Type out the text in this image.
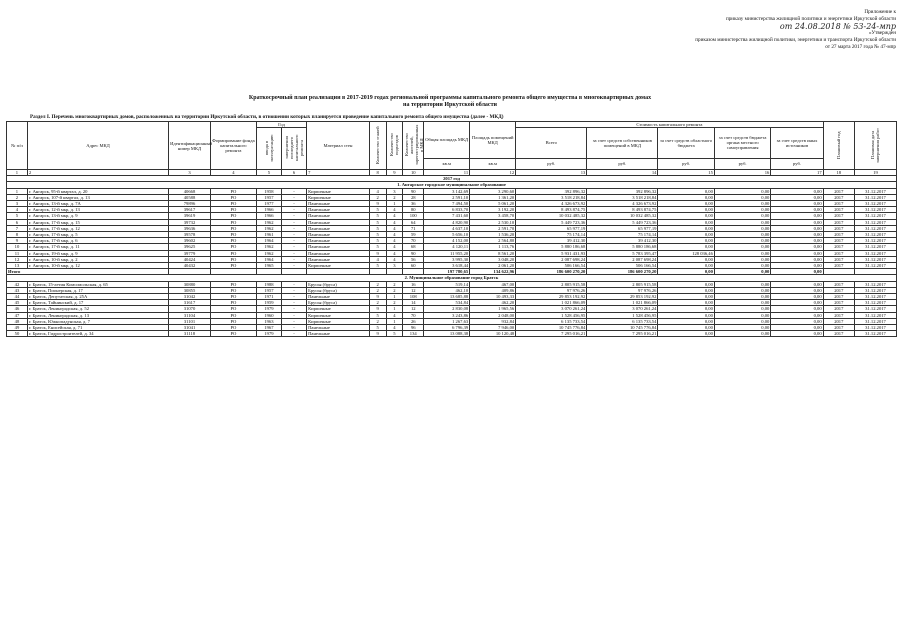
Приложение к
приказу министерства жилищной политики и энергетики Иркутской области
от 24.08.2018 № 53-24-мпр
«Утвержден
приказом министерства жилищной политики, энергетики и транспорта Иркутской области
от 27 марта 2017 года № 47-мпр
Краткосрочный план реализации в 2017-2019 годах региональной программы капитального ремонта общего имущества в многоквартирных домах
на территории Иркутской области
Раздел I. Перечень многоквартирных домов, расположенных на территории Иркутской области, в отношении которых планируется проведение капитального ремонта общего имущества (далее - МКД)
№ п/п	Адрес МКД	Идентификационный номер МКД	Формирование фонда капитального ремонта	Год		Материал стен	Количество этажей	Количество подъездов	Количество жителей, зарегистрированных в МКД	Общая площадь МКД	Площадь помещений МКД	Стоимость капитального ремонта					Плановый год	Плановая дата завершения работ
				ввода в эксплуатацию	завершения последнего капитального ремонта							Всего	за счет средств собственников помещений в МКД	за счет средств областного бюджета	за счет средств бюджета органа местного самоуправления	за счет средств иных источников		
										кв.м	кв.м	руб.	руб.	руб.	руб.	руб.		
1	2	3	4	5	6	7	8	9	10	11	12	13	14	15	16	17	18	19
2017 год																		
1. Ангарское городское муниципальное образование																		
1	г. Ангарск, 95-й квартал, д. 20	40668	РО	1958	-	Кирпичные	4	3	90	3 142,69	3 290,60	392 896,32	392 896,32	0,00	0,00	0,00	2017	31.12.2017
2	г. Ангарск, 107-й квартал, д. 13	40588	РО	1957	-	Кирпичные	2	2	28	2 591,10	1 361,20	3 518 218,84	3 518 218,84	0,00	0,00	0,00	2017	31.12.2017
3	г. Ангарск, 13-й мкр, д. 7А	79896	РО	1977	-	Панельные	9	1	36	7 494,50	5 061,20	4 326 673,92	4 326 673,92	0,00	0,00	0,00	2017	31.12.2017
4	г. Ангарск, 12-й мкр, д. 13	39617	РО	1966	-	Панельные	5	4	80	6 833,70	3 192,20	8 493 874,75	8 493 874,75	0,00	0,00	0,00	2017	31.12.2017
5	г. Ангарск, 13-й мкр, д. 9	39619	РО	1966	-	Панельные	5	4	100	7 431,60	3 458,70	10 032 485,32	10 032 485,32	0,00	0,00	0,00	2017	31.12.2017
6	г. Ангарск, 17-й мкр, д. 15	39732	РО	1962	-	Панельные	5	4	64	4 820,90	2 530,10	5 449 723,36	5 449 723,36	0,00	0,00	0,00	2017	31.12.2017
7	г. Ангарск, 17-й мкр, д. 12	39636	РО	1962	-	Панельные	5	4	71	4 637,10	2 591,70	65 977,19	65 977,19	0,00	0,00	0,00	2017	31.12.2017
8	г. Ангарск, 17-й мкр, д. 5	39578	РО	1961	-	Панельные	5	4	59	5 656,10	1 536,20	75 174,14	75 174,14	0,00	0,00	0,00	2017	31.12.2017
9	г. Ангарск, 17-й мкр, д. 6	39602	РО	1964	-	Панельные	5	4	70	4 152,00	2 564,80	39 412,30	39 412,30	0,00	0,00	0,00	2017	31.12.2017
10	г. Ангарск, 17-й мкр, д. 11	39625	РО	1962	-	Панельные	5	4	68	4 120,11	1 113,76	5 880 186,68	5 880 186,68	0,00	0,00	0,00	2017	31.12.2017
11	г. Ангарск, 19-й мкр, д. 9	39779	РО	1962	-	Панельные	9	4	90	11 955,20	8 561,20	5 931 431,93	5 783 395,47	128 036,46	0,00	0,00	2017	31.12.2017
12	г. Ангарск, 10-й мкр, д. 2	40424	РО	1964	-	Панельные	4	4	56	3 995,30	3 048,20	2 087 698,24	2 087 698,24	0,00	0,00	0,00	2017	31.12.2017
13	г. Ангарск, 10-й мкр, д. 12	40432	РО	1965	-	Кирпичные	5	3	60	3 618,44	2 061,20	506 166,54	506 166,54	0,00	0,00	0,00	2017	31.12.2017
Итого										197 780,65	134 622,96	186 600 270,20	186 600 270,20	0,00	0,00	0,00		
2. Муниципальное образование город Братск																		
42	г. Братск, 15-летия Комсомольская, д. 65	30880	РО	1988	-	Брусья (бруса)	2	2	16	519,14	467,00	2 805 915,58	2 805 915,58	0,00	0,00	0,00	2017	31.12.2017
43	г. Братск, Пионерская, д. 17	30855	РО	1957	-	Брусья (бруса)	2	2	12	462,10	409,86	97 976,26	97 976,26	0,00	0,00	0,00	2017	31.12.2017
44	г. Братск, Депутатская, д. 25А	31042	РО	1971	-	Панельные	9	1	108	13 685,88	10 493,33	29 853 192,92	29 853 192,92	0,00	0,00	0,00	2017	31.12.2017
45	г. Братск, Тайнинский, д. 17	31617	РО	1959	-	Брусья (бруса)	2	2	14	534,84	462,20	1 021 866,09	1 021 866,09	0,00	0,00	0,00	2017	31.12.2017
46	г. Братск, Ленинградская, д. 52	31070	РО	1979	-	Кирпичные	9	1	12	2 830,08	1 965,56	3 070 261,24	3 070 261,24	0,00	0,00	0,00	2017	31.12.2017
47	г. Братск, Ленинградская, д. 13	31104	РО	1960	-	Кирпичные	5	4	70	3 243,86	2 048,00	1 528 456,95	1 528 456,95	0,00	0,00	0,00	2017	31.12.2017
48	г. Братск, Южнопадунская, д. 7	31101	РО	1963	-	Кирпичные	2	1	26	1 267,63	932,84	6 135 733,54	6 135 733,54	0,00	0,00	0,00	2017	31.12.2017
49	г. Братск, Енисейская, д. 71	31041	РО	1967	-	Панельные	5	4	96	6 796,39	7 946,00	10 745 776,84	10 745 776,84	0,00	0,00	0,00	2017	31.12.2017
50	г. Братск, Гидростроителей, д. 34	31118	РО	1979	-	Панельные	9	5	134	13 088,38	10 120,48	7 295 016,21	7 295 016,21	0,00	0,00	0,00	2017	31.12.2017
